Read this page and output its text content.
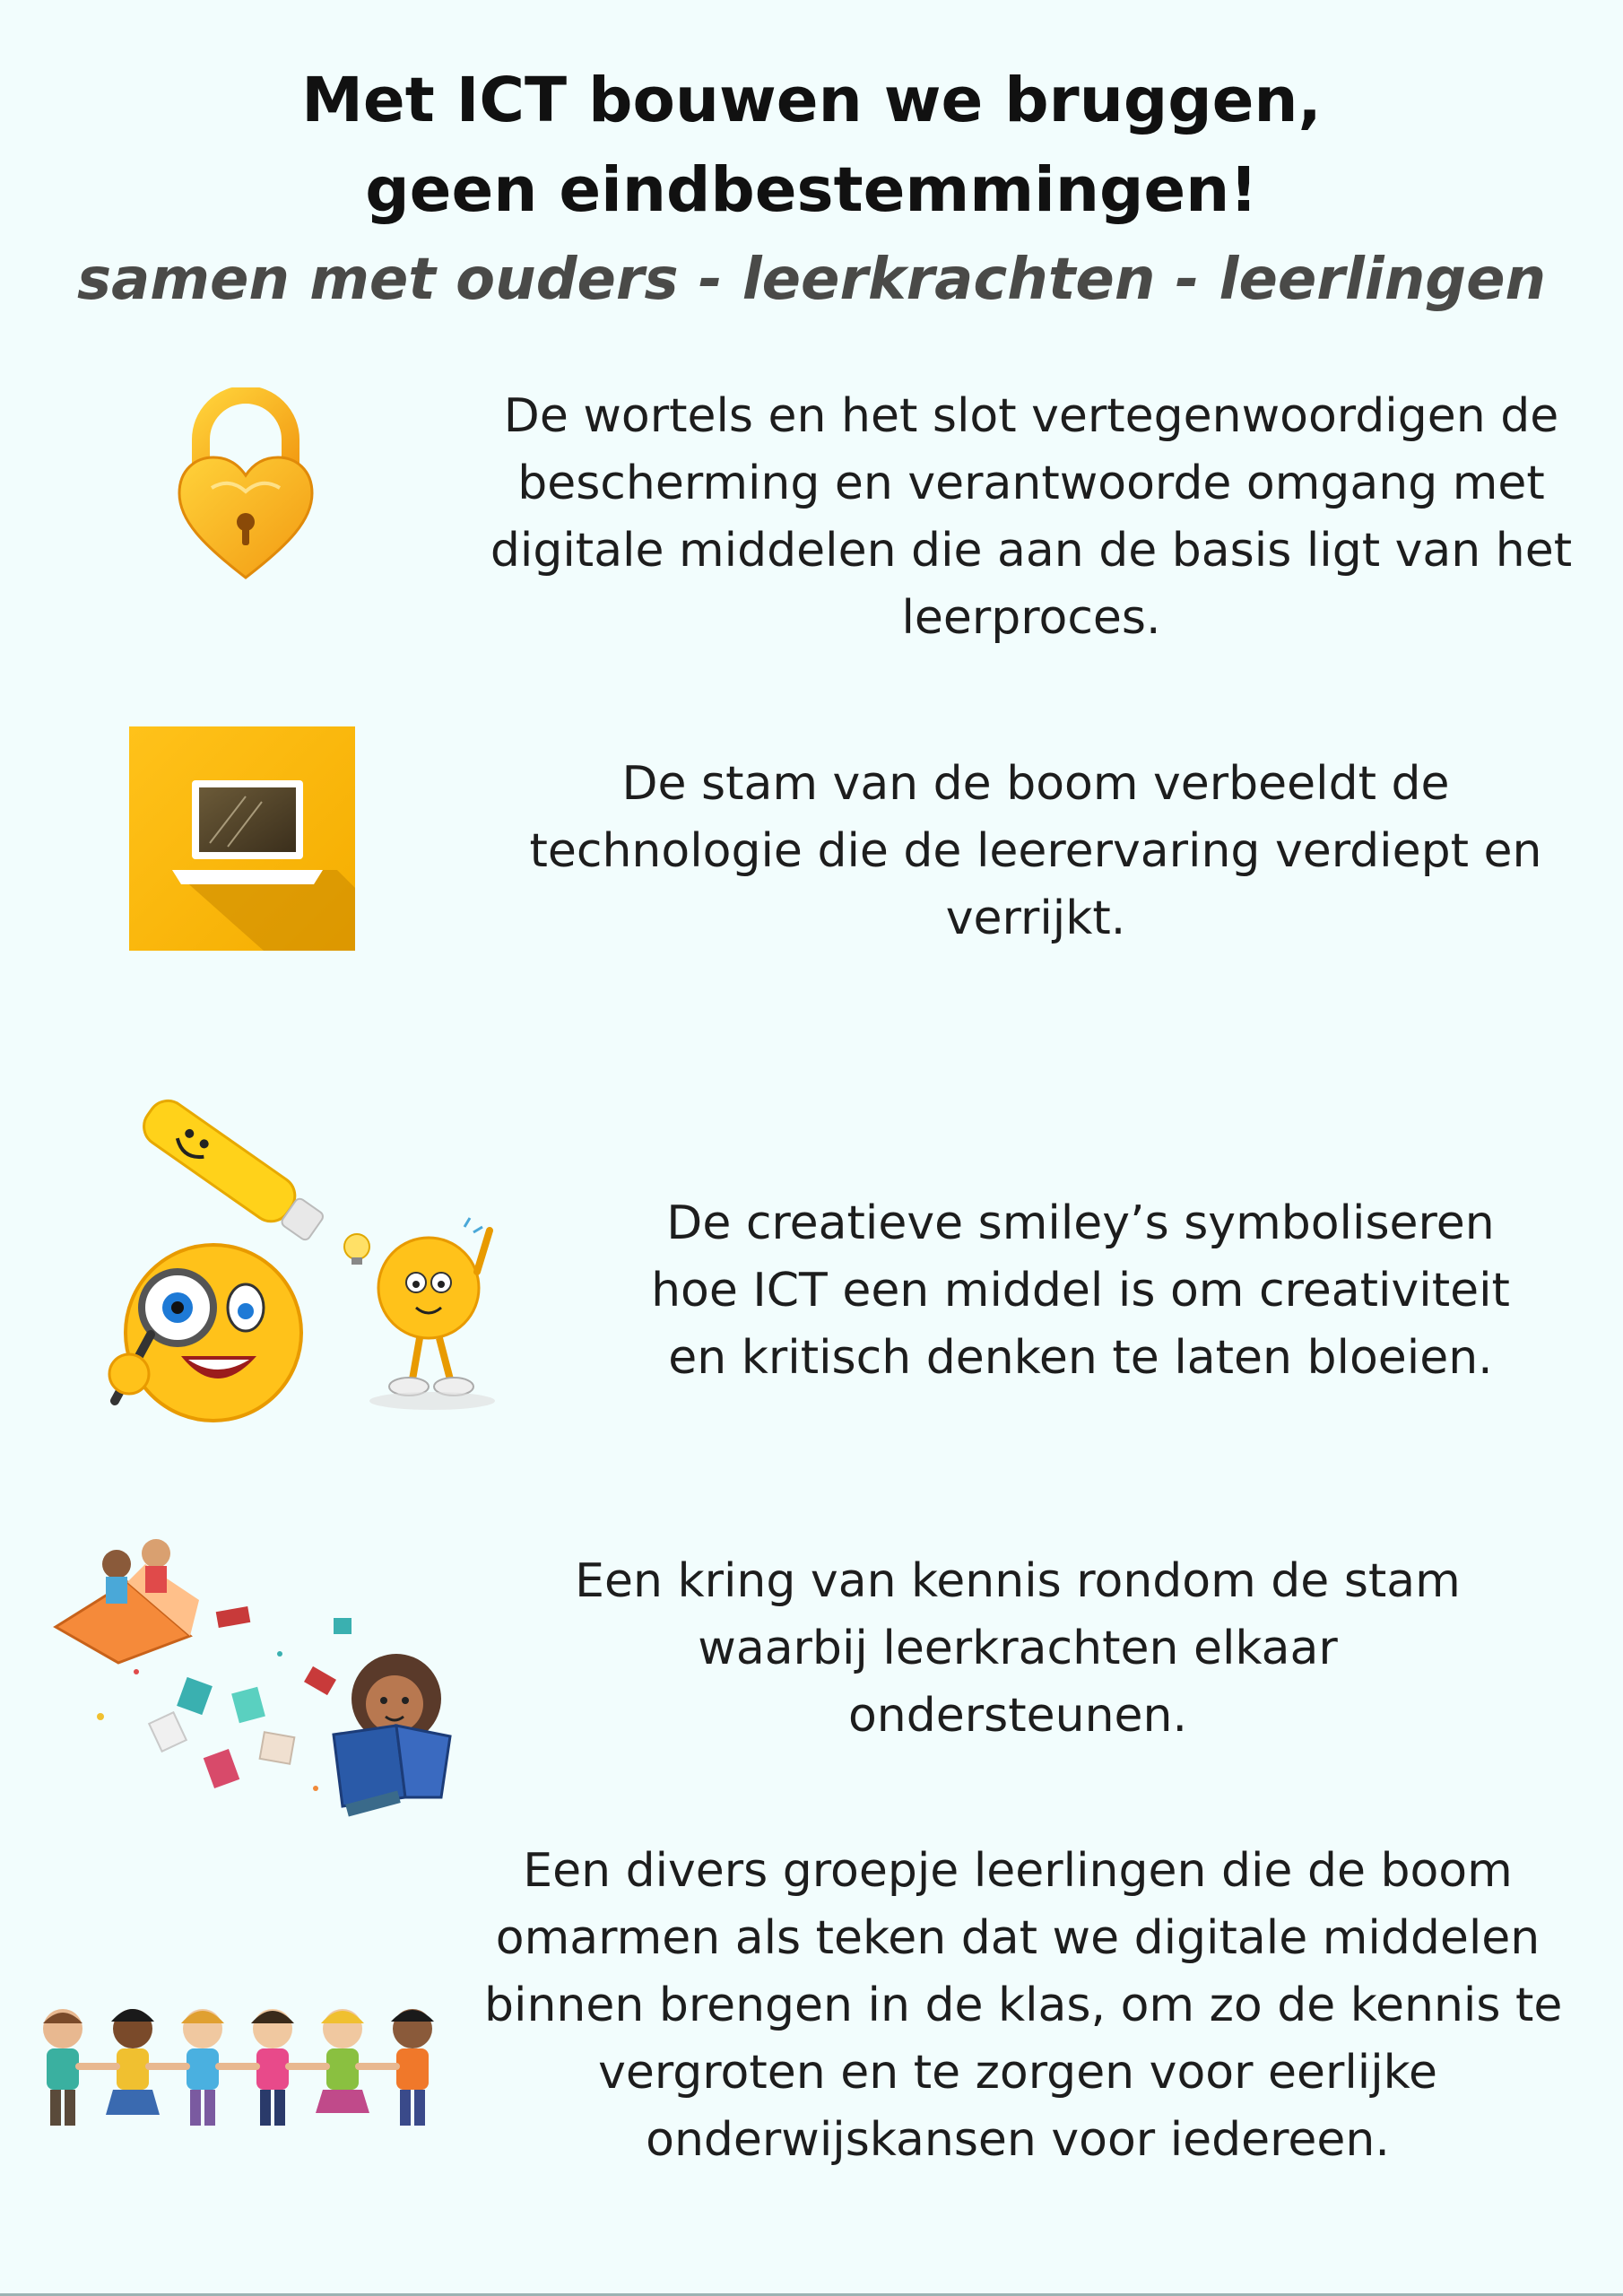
Met ICT bouwen we bruggen,

geen eindbestemmingen!

samen met ouders - leerkrachten - leerlingen

De wortels en het slot vertegenwoordigen de
bescherming en verantwoorde omgang met
digitale middelen die aan de basis ligt van het
leerproces.
De stam van de boom verbeeldt de
technologie die de leerervaring verdiept en
verrijkt.
De creatieve smiley’s symboliseren
hoe ICT een middel is om creativiteit
en kritisch denken te laten bloeien.
Een kring van kennis rondom de stam
waarbij leerkrachten elkaar
ondersteunen.
Een divers groepje leerlingen die de boom
omarmen als teken dat we digitale middelen
binnen brengen in de klas, om zo de kennis te
vergroten en te zorgen voor eerlijke
onderwijskansen voor iedereen.
